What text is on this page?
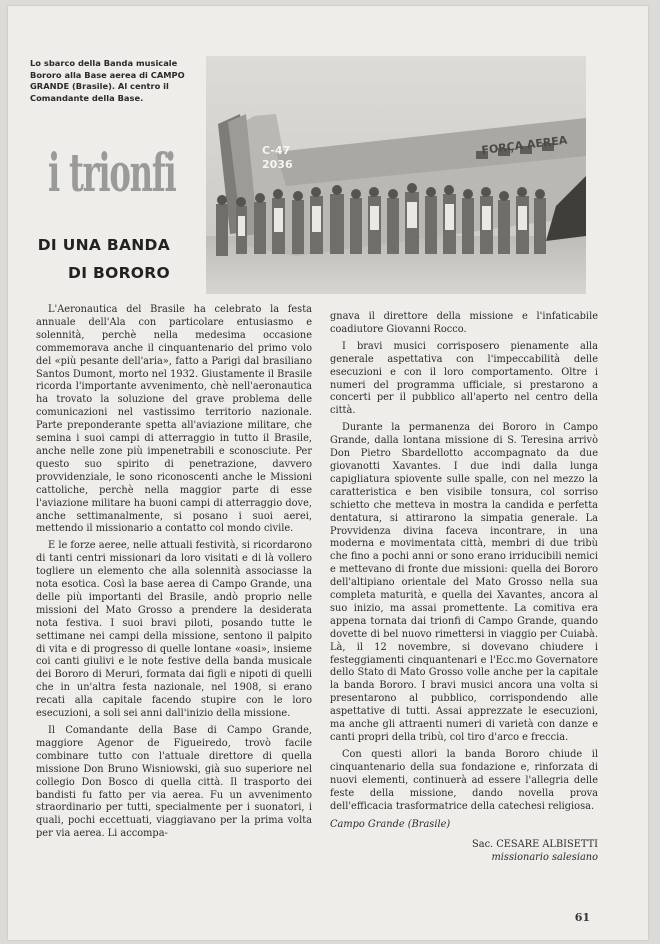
Lo sbarco della Banda musicale Bororo alla Base aerea di CAMPO GRANDE (Brasile). Al centro il Comandante della Base.
C-47
2036
FORÇA AEREA
i trionfi
DI UNA BANDA
DI BORORO

L'Aeronautica del Brasile ha celebrato la festa annuale dell'Ala con particolare entusiasmo e solennità, perchè nella medesima occasione commemorava anche il cinquantenario del primo volo del «più pesante dell'aria», fatto a Parigi dal brasiliano Santos Dumont, morto nel 1932. Giustamente il Brasile ricorda l'importante avvenimento, chè nell'aeronautica ha trovato la soluzione del grave problema delle comunicazioni nel vastissimo territorio nazionale. Parte preponderante spetta all'aviazione militare, che semina i suoi campi di atterraggio in tutto il Brasile, anche nelle zone più impenetrabili e sconosciute. Per questo suo spirito di penetrazione, davvero provvidenziale, le sono riconoscenti anche le Missioni cattoliche, perchè nella maggior parte di esse l'aviazione militare ha buoni campi di atterraggio dove, anche settimanalmente, si posano i suoi aerei, mettendo il missionario a contatto col mondo civile.

E le forze aeree, nelle attuali festività, si ricordarono di tanti centri missionari da loro visitati e di là vollero togliere un elemento che alla solennità associasse la nota esotica. Così la base aerea di Campo Grande, una delle più importanti del Brasile, andò proprio nelle missioni del Mato Grosso a prendere la desiderata nota festiva. I suoi bravi piloti, posando tutte le settimane nei campi della missione, sentono il palpito di vita e di progresso di quelle lontane «oasi», insieme coi canti giulivi e le note festive della banda musicale dei Bororo di Meruri, formata dai figli e nipoti di quelli che in un'altra festa nazionale, nel 1908, si erano recati alla capitale facendo stupire con le loro esecuzioni, a soli sei anni dall'inizio della missione.

Il Comandante della Base di Campo Grande, maggiore Agenor de Figueiredo, trovò facile combinare tutto con l'attuale direttore di quella missione Don Bruno Wisniowski, già suo superiore nel collegio Don Bosco di quella città. Il trasporto dei bandisti fu fatto per via aerea. Fu un avvenimento straordinario per tutti, specialmente per i suonatori, i quali, pochi eccettuati, viaggiavano per la prima volta per via aerea. Li accompa-

gnava il direttore della missione e l'infaticabile coadiutore Giovanni Rocco.

I bravi musici corrisposero pienamente alla generale aspettativa con l'impeccabilità delle esecuzioni e con il loro comportamento. Oltre i numeri del programma ufficiale, si prestarono a concerti per il pubblico all'aperto nel centro della città.

Durante la permanenza dei Bororo in Campo Grande, dalla lontana missione di S. Teresina arrivò Don Pietro Sbardellotto accompagnato da due giovanotti Xavantes. I due indi dalla lunga capigliatura spiovente sulle spalle, con nel mezzo la caratteristica e ben visibile tonsura, col sorriso schietto che metteva in mostra la candida e perfetta dentatura, si attirarono la simpatia generale. La Provvidenza divina faceva incontrare, in una moderna e movimentata città, membri di due tribù che fino a pochi anni or sono erano irriducibili nemici e mettevano di fronte due missioni: quella dei Bororo dell'altipiano orientale del Mato Grosso nella sua completa maturità, e quella dei Xavantes, ancora al suo inizio, ma assai promettente. La comitiva era appena tornata dai trionfi di Campo Grande, quando dovette di bel nuovo rimettersi in viaggio per Cuiabà. Là, il 12 novembre, si dovevano chiudere i festeggiamenti cinquantenari e l'Ecc.mo Governatore dello Stato di Mato Grosso volle anche per la capitale la banda Bororo. I bravi musici ancora una volta si presentarono al pubblico, corrispondendo alle aspettative di tutti. Assai apprezzate le esecuzioni, ma anche gli attraenti numeri di varietà con danze e canti propri della tribù, col tiro d'arco e freccia.

Con questi allori la banda Bororo chiude il cinquantenario della sua fondazione e, rinforzata di nuovi elementi, continuerà ad essere l'allegria delle feste della missione, dando novella prova dell'efficacia trasformatrice della catechesi religiosa.

Campo Grande (Brasile)
Sac. CESARE ALBISETTI
missionario salesiano
61
